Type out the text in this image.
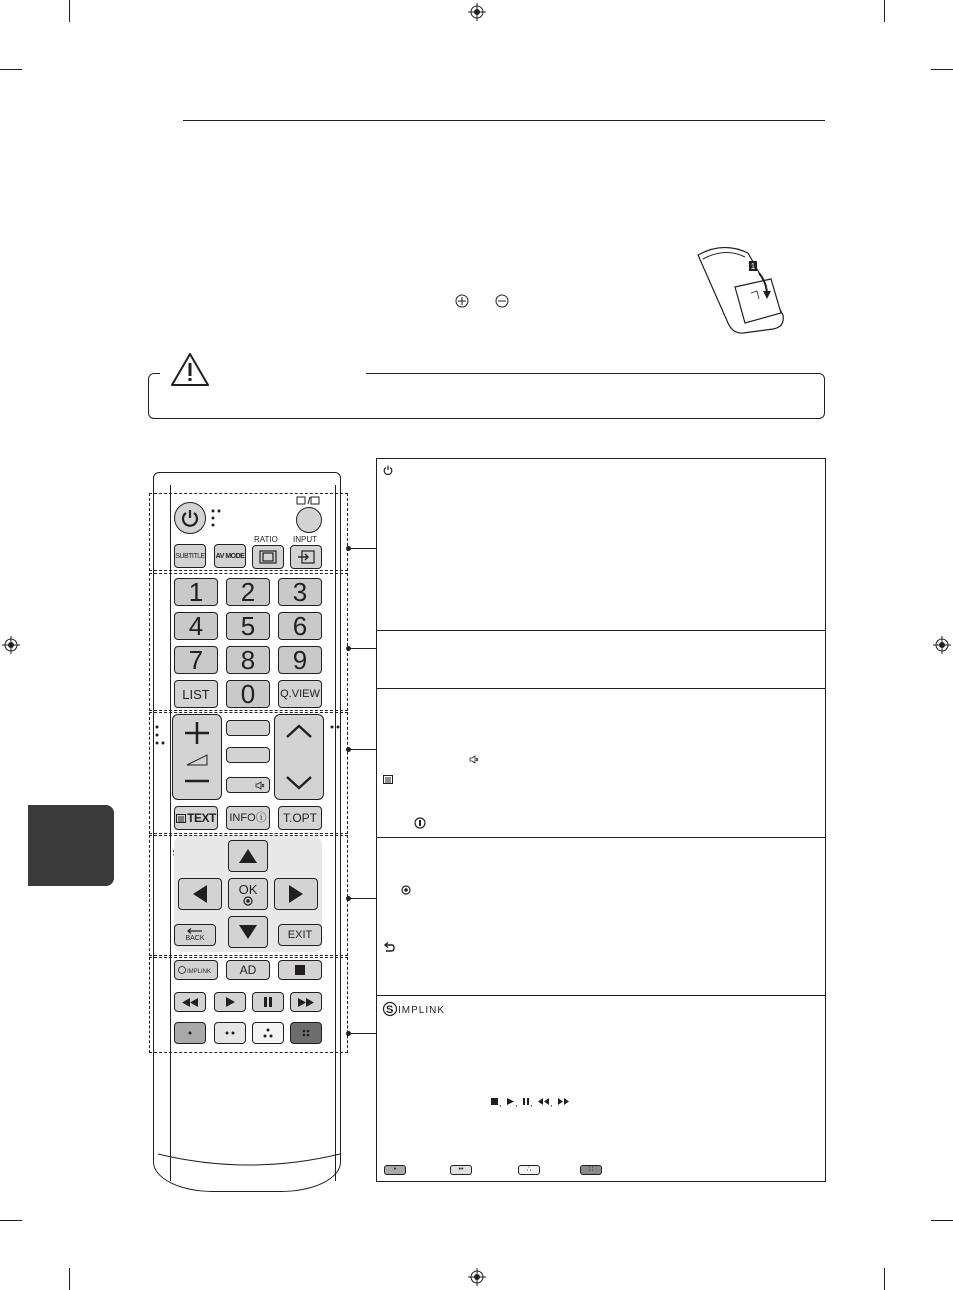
1
SUBTITLE AV MODE
RATIO INPUT
1	2	3
4	5	6
7	8	9
LIST	0	Q.VIEW
TEXT	INFOⓘ	T.OPT
OK
BACK	EXIT
IMPLINK	AD
S IMPLINK
, , , ,
•	••	∴	∷
